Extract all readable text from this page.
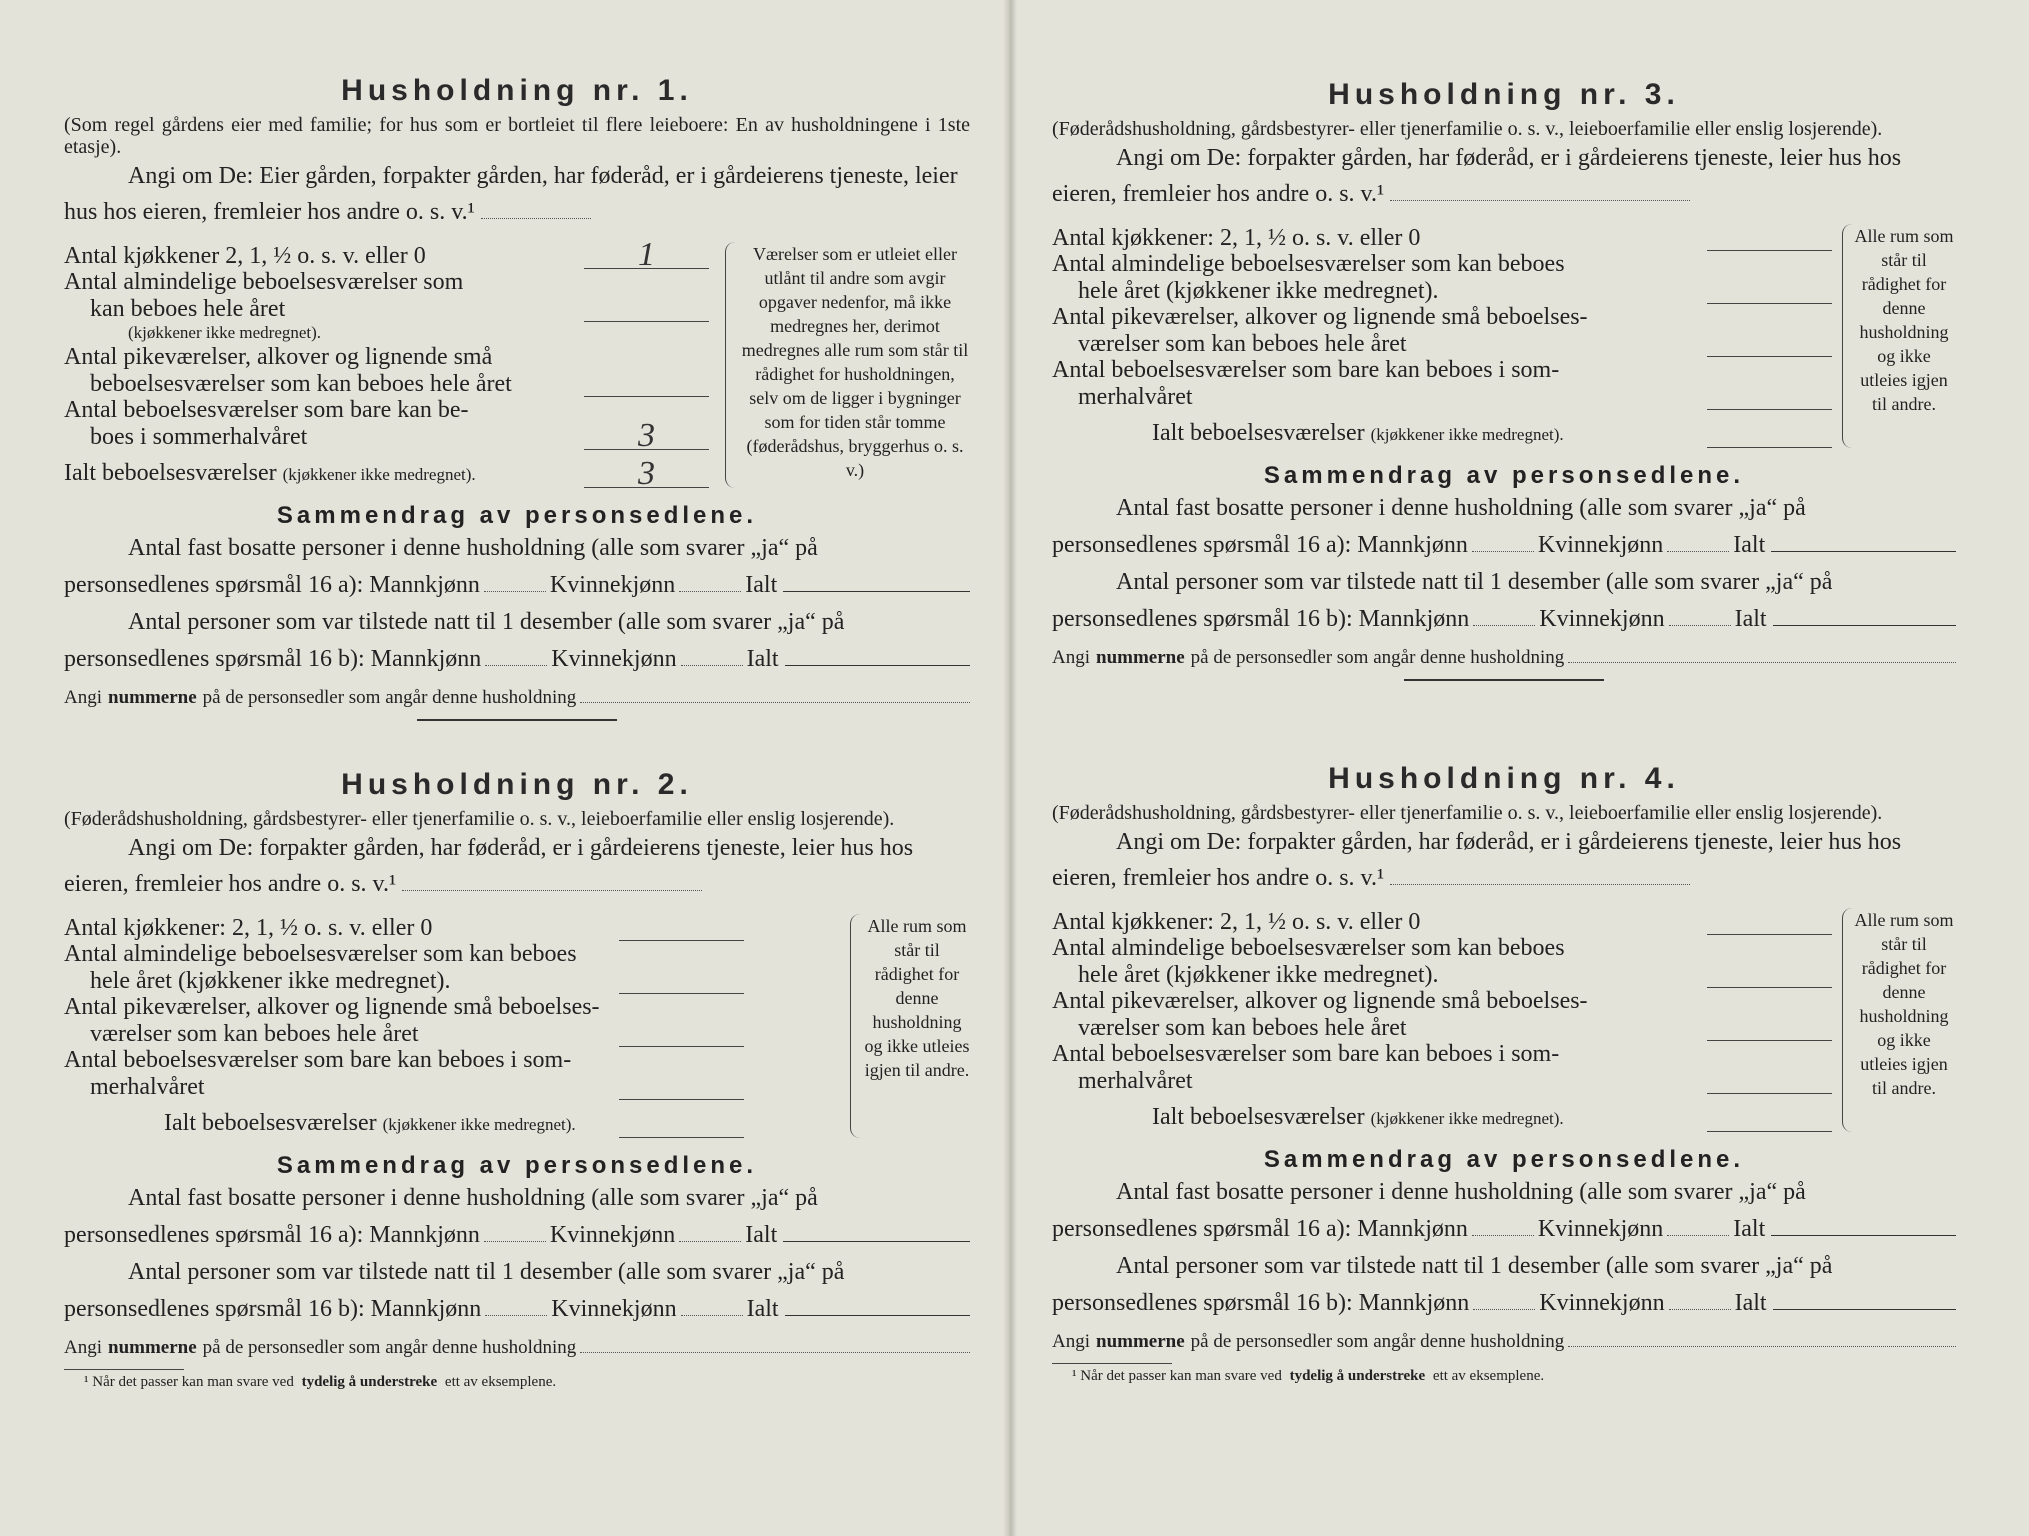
Husholdning nr. 1.
(Som regel gårdens eier med familie; for hus som er bortleiet til flere leieboere: En av husholdningene i 1ste etasje).
Angi om De: Eier gården, forpakter gården, har føderåd, er i gårdeierens tjeneste, leier hus hos eieren, fremleier hos andre o. s. v.¹
Antal kjøkkener 2, 1, ½ o. s. v. eller 0	1
Antal almindelige beboelsesværelser som
kan beboes hele året
(kjøkkener ikke medregnet).
Antal pikeværelser, alkover og lignende små
beboelsesværelser som kan beboes hele året
Antal beboelsesværelser som bare kan be-
boes i sommerhalvåret	3
Ialt beboelsesværelser (kjøkkener ikke medregnet).	3
Værelser som er utleiet eller utlånt til andre som avgir opgaver nedenfor, må ikke medregnes her, derimot medregnes alle rum som står til rådighet for husholdningen, selv om de ligger i bygninger som for tiden står tomme (føderådshus, bryggerhus o. s. v.)
Sammendrag av personsedlene.
Antal fast bosatte personer i denne husholdning (alle som svarer „ja“ på
personsedlenes spørsmål 16 a): Mannkjønn	Kvinnekjønn	Ialt
Antal personer som var tilstede natt til 1 desember (alle som svarer „ja“ på
personsedlenes spørsmål 16 b): Mannkjønn	Kvinnekjønn	Ialt
Angi nummerne på de personsedler som angår denne husholdning
Husholdning nr. 2.
(Føderådshusholdning, gårdsbestyrer- eller tjenerfamilie o. s. v., leieboerfamilie eller enslig losjerende).
Angi om De: forpakter gården, har føderåd, er i gårdeierens tjeneste, leier hus hos eieren, fremleier hos andre o. s. v.¹
Antal kjøkkener: 2, 1, ½ o. s. v. eller 0
Antal almindelige beboelsesværelser som kan beboes
hele året (kjøkkener ikke medregnet).
Antal pikeværelser, alkover og lignende små beboelses-
værelser som kan beboes hele året
Antal beboelsesværelser som bare kan beboes i som-
merhalvåret
Ialt beboelsesværelser (kjøkkener ikke medregnet).
Alle rum som står til rådighet for denne husholdning og ikke utleies igjen til andre.
Sammendrag av personsedlene.
Antal fast bosatte personer i denne husholdning (alle som svarer „ja“ på
personsedlenes spørsmål 16 a): Mannkjønn	Kvinnekjønn	Ialt
Antal personer som var tilstede natt til 1 desember (alle som svarer „ja“ på
personsedlenes spørsmål 16 b): Mannkjønn	Kvinnekjønn	Ialt
Angi nummerne på de personsedler som angår denne husholdning
¹ Når det passer kan man svare ved tydelig å understreke ett av eksemplene.
Husholdning nr. 3.
(Føderådshusholdning, gårdsbestyrer- eller tjenerfamilie o. s. v., leieboerfamilie eller enslig losjerende).
Angi om De: forpakter gården, har føderåd, er i gårdeierens tjeneste, leier hus hos eieren, fremleier hos andre o. s. v.¹
Antal kjøkkener: 2, 1, ½ o. s. v. eller 0
Antal almindelige beboelsesværelser som kan beboes
hele året (kjøkkener ikke medregnet).
Antal pikeværelser, alkover og lignende små beboelses-
værelser som kan beboes hele året
Antal beboelsesværelser som bare kan beboes i som-
merhalvåret
Ialt beboelsesværelser (kjøkkener ikke medregnet).
Alle rum som står til rådighet for denne husholdning og ikke utleies igjen til andre.
Sammendrag av personsedlene.
Antal fast bosatte personer i denne husholdning (alle som svarer „ja“ på
personsedlenes spørsmål 16 a): Mannkjønn	Kvinnekjønn	Ialt
Antal personer som var tilstede natt til 1 desember (alle som svarer „ja“ på
personsedlenes spørsmål 16 b): Mannkjønn	Kvinnekjønn	Ialt
Angi nummerne på de personsedler som angår denne husholdning
Husholdning nr. 4.
(Føderådshusholdning, gårdsbestyrer- eller tjenerfamilie o. s. v., leieboerfamilie eller enslig losjerende).
Angi om De: forpakter gården, har føderåd, er i gårdeierens tjeneste, leier hus hos eieren, fremleier hos andre o. s. v.¹
Antal kjøkkener: 2, 1, ½ o. s. v. eller 0
Antal almindelige beboelsesværelser som kan beboes
hele året (kjøkkener ikke medregnet).
Antal pikeværelser, alkover og lignende små beboelses-
værelser som kan beboes hele året
Antal beboelsesværelser som bare kan beboes i som-
merhalvåret
Ialt beboelsesværelser (kjøkkener ikke medregnet).
Alle rum som står til rådighet for denne husholdning og ikke utleies igjen til andre.
Sammendrag av personsedlene.
Antal fast bosatte personer i denne husholdning (alle som svarer „ja“ på
personsedlenes spørsmål 16 a): Mannkjønn	Kvinnekjønn	Ialt
Antal personer som var tilstede natt til 1 desember (alle som svarer „ja“ på
personsedlenes spørsmål 16 b): Mannkjønn	Kvinnekjønn	Ialt
Angi nummerne på de personsedler som angår denne husholdning
¹ Når det passer kan man svare ved tydelig å understreke ett av eksemplene.
